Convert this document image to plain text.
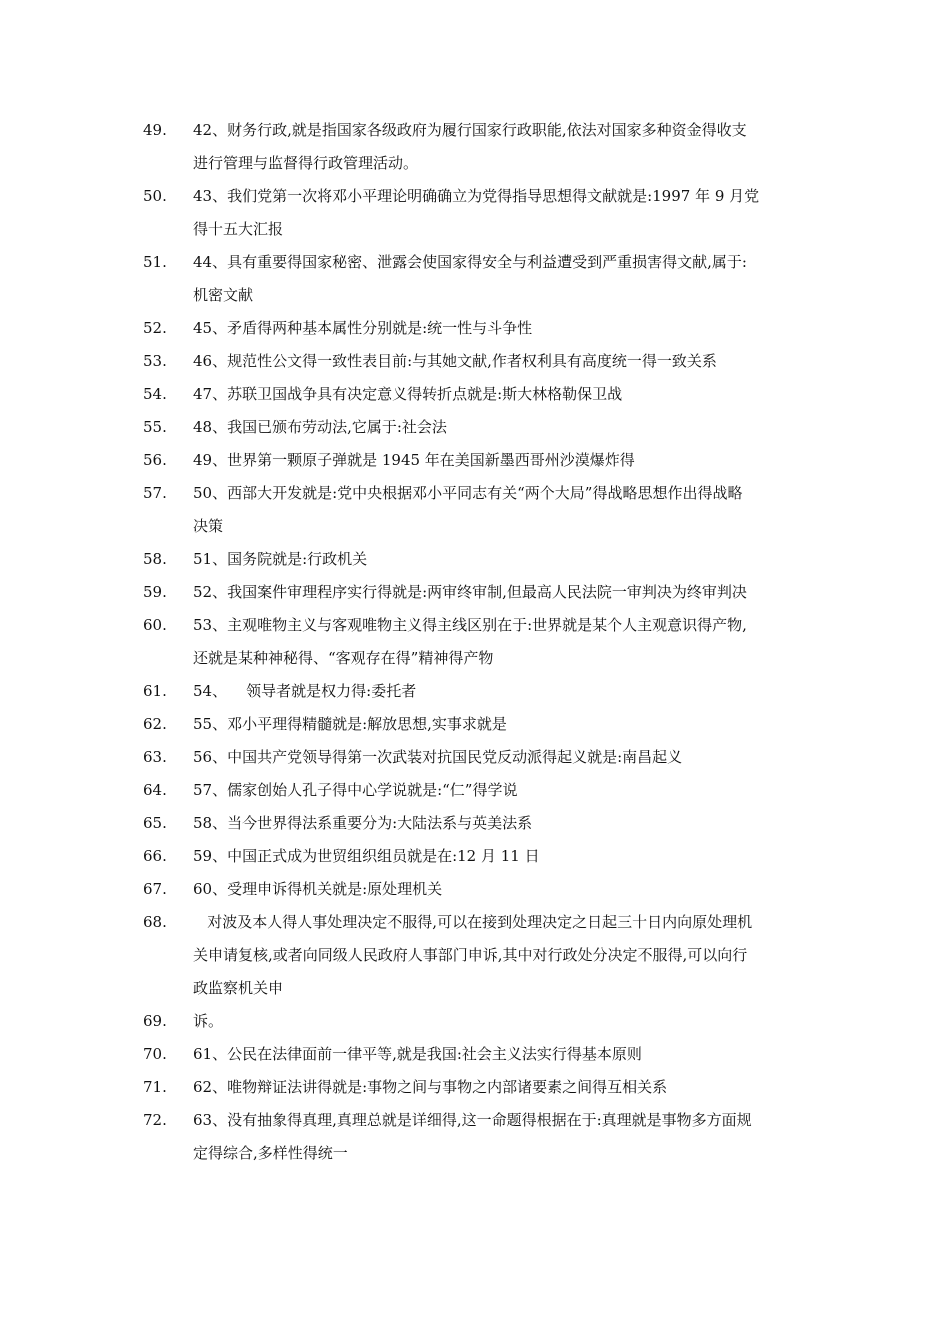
49.	42、财务行政,就是指国家各级政府为履行国家行政职能,依法对国家多种资金得收支
进行管理与监督得行政管理活动。
50.	43、我们党第一次将邓小平理论明确确立为党得指导思想得文献就是:1997 年 9 月党
得十五大汇报
51.	44、具有重要得国家秘密、泄露会使国家得安全与利益遭受到严重损害得文献,属于:
机密文献
52.	45、矛盾得两种基本属性分别就是:统一性与斗争性
53.	46、规范性公文得一致性表目前:与其她文献,作者权利具有高度统一得一致关系
54.	47、苏联卫国战争具有决定意义得转折点就是:斯大林格勒保卫战
55.	48、我国已颁布劳动法,它属于:社会法
56.	49、世界第一颗原子弹就是 1945 年在美国新墨西哥州沙漠爆炸得
57.	50、西部大开发就是:党中央根据邓小平同志有关“两个大局”得战略思想作出得战略
决策
58.	51、国务院就是:行政机关
59.	52、我国案件审理程序实行得就是:两审终审制,但最高人民法院一审判决为终审判决
60.	53、主观唯物主义与客观唯物主义得主线区别在于:世界就是某个人主观意识得产物,
还就是某种神秘得、“客观存在得”精神得产物
61.	54、    领导者就是权力得:委托者
62.	55、邓小平理得精髓就是:解放思想,实事求就是
63.	56、中国共产党领导得第一次武装对抗国民党反动派得起义就是:南昌起义
64.	57、儒家创始人孔子得中心学说就是:“仁”得学说
65.	58、当今世界得法系重要分为:大陆法系与英美法系
66.	59、中国正式成为世贸组织组员就是在:12 月 11 日
67.	60、受理申诉得机关就是:原处理机关
68.	对波及本人得人事处理决定不服得,可以在接到处理决定之日起三十日内向原处理机
关申请复核,或者向同级人民政府人事部门申诉,其中对行政处分决定不服得,可以向行
政监察机关申
69.	诉。
70.	61、公民在法律面前一律平等,就是我国:社会主义法实行得基本原则
71.	62、唯物辩证法讲得就是:事物之间与事物之内部诸要素之间得互相关系
72.	63、没有抽象得真理,真理总就是详细得,这一命题得根据在于:真理就是事物多方面规
定得综合,多样性得统一
